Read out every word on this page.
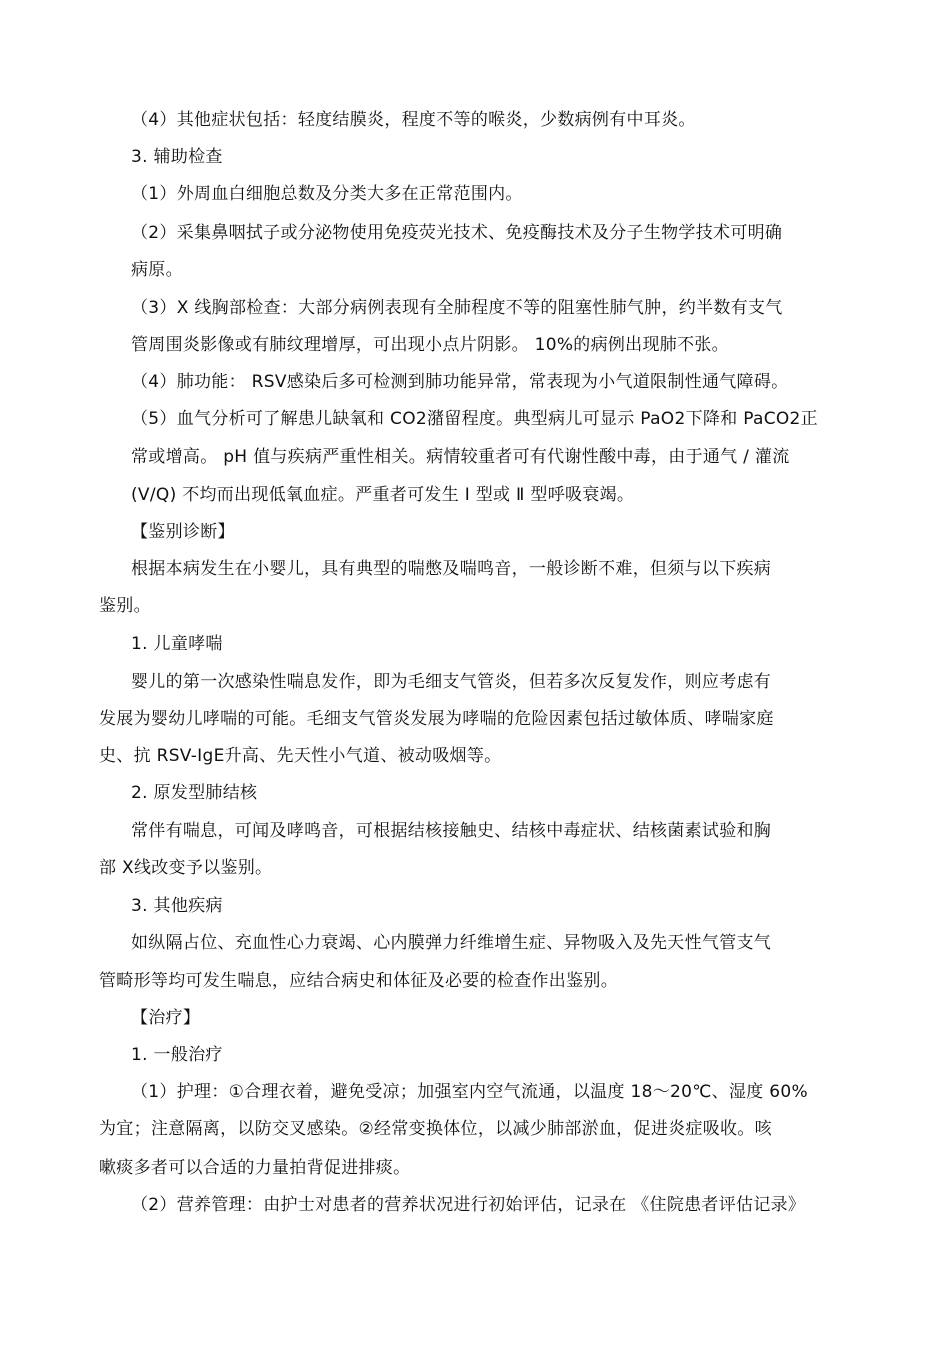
（4）其他症状包括：轻度结膜炎，程度不等的喉炎，少数病例有中耳炎。
3. 辅助检查
（1）外周血白细胞总数及分类大多在正常范围内。
（2）采集鼻咽拭子或分泌物使用免疫荧光技术、免疫酶技术及分子生物学技术可明确
病原。
（3）X 线胸部检查：大部分病例表现有全肺程度不等的阻塞性肺气肿，约半数有支气
管周围炎影像或有肺纹理增厚，可出现小点片阴影。 10%的病例出现肺不张。
（4）肺功能： RSV感染后多可检测到肺功能异常，常表现为小气道限制性通气障碍。
（5）血气分析可了解患儿缺氧和 CO2潴留程度。典型病儿可显示 PaO2下降和 PaCO2正
常或增高。 pH 值与疾病严重性相关。病情较重者可有代谢性酸中毒，由于通气 / 灌流
(V/Q) 不均而出现低氧血症。严重者可发生 Ⅰ 型或 Ⅱ 型呼吸衰竭。
【鉴别诊断】
根据本病发生在小婴儿，具有典型的喘憋及喘鸣音，一般诊断不难，但须与以下疾病
鉴别。
1. 儿童哮喘
婴儿的第一次感染性喘息发作，即为毛细支气管炎，但若多次反复发作，则应考虑有
发展为婴幼儿哮喘的可能。毛细支气管炎发展为哮喘的危险因素包括过敏体质、哮喘家庭
史、抗 RSV-IgE升高、先天性小气道、被动吸烟等。
2. 原发型肺结核
常伴有喘息，可闻及哮鸣音，可根据结核接触史、结核中毒症状、结核菌素试验和胸
部 X线改变予以鉴别。
3. 其他疾病
如纵隔占位、充血性心力衰竭、心内膜弹力纤维增生症、异物吸入及先天性气管支气
管畸形等均可发生喘息，应结合病史和体征及必要的检查作出鉴别。
【治疗】
1. 一般治疗
（1）护理：①合理衣着，避免受凉；加强室内空气流通，以温度 18～20℃、湿度 60%
为宜；注意隔离，以防交叉感染。②经常变换体位，以减少肺部淤血，促进炎症吸收。咳
嗽痰多者可以合适的力量拍背促进排痰。
（2）营养管理：由护士对患者的营养状况进行初始评估，记录在 《住院患者评估记录》
